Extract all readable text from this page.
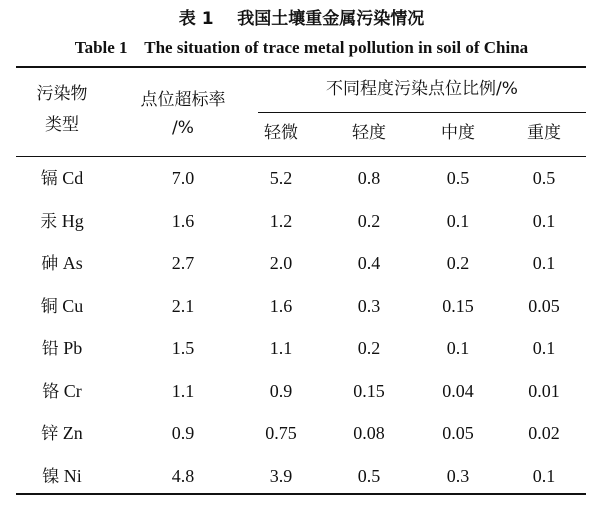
表 1    我国土壤重金属污染情况
Table 1    The situation of trace metal pollution in soil of China
污染物
类型
点位超标率
/%
不同程度污染点位比例/%
轻微	轻度	中度	重度
镉 Cd	7.0	5.2	0.8	0.5	0.5
汞 Hg	1.6	1.2	0.2	0.1	0.1
砷 As	2.7	2.0	0.4	0.2	0.1
铜 Cu	2.1	1.6	0.3	0.15	0.05
铅 Pb	1.5	1.1	0.2	0.1	0.1
铬 Cr	1.1	0.9	0.15	0.04	0.01
锌 Zn	0.9	0.75	0.08	0.05	0.02
镍 Ni	4.8	3.9	0.5	0.3	0.1
